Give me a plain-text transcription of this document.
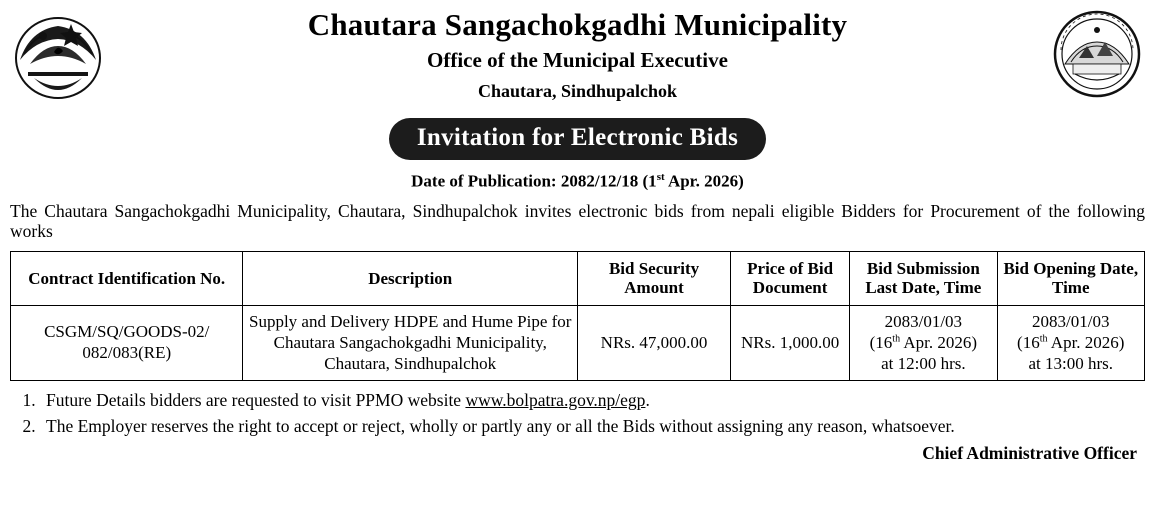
Chautara Sangachokgadhi Municipality
Office of the Municipal Executive
Chautara, Sindhupalchok
Invitation for Electronic Bids
Date of Publication: 2082/12/18 (1st Apr. 2026)
The Chautara Sangachokgadhi Municipality, Chautara, Sindhupalchok invites electronic bids from nepali eligible Bidders for Procurement of the following works
Contract Identification No.	Description	Bid Security Amount	Price of Bid Document	Bid Submission Last Date, Time	Bid Opening Date, Time
CSGM/SQ/GOODS-02/ 082/083(RE)	Supply and Delivery HDPE and Hume Pipe for Chautara Sangachokgadhi Municipality, Chautara, Sindhupalchok	NRs. 47,000.00	NRs. 1,000.00	2083/01/03
(16th Apr. 2026)
at 12:00 hrs.	2083/01/03
(16th Apr. 2026)
at 13:00 hrs.
1. Future Details bidders are requested to visit PPMO website www.bolpatra.gov.np/egp.
2. The Employer reserves the right to accept or reject, wholly or partly any or all the Bids without assigning any reason, whatsoever.
Chief Administrative Officer
